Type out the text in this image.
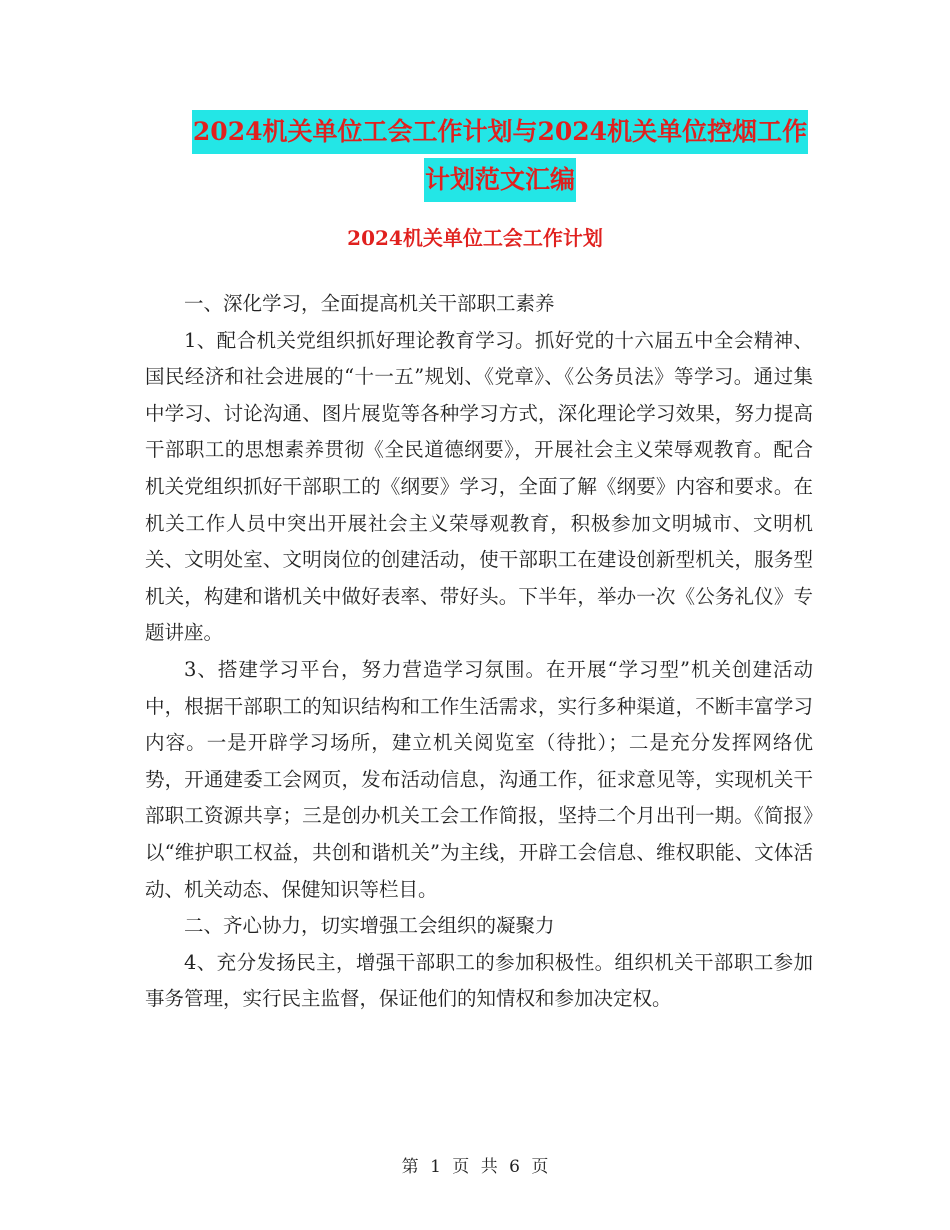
2024机关单位工会工作计划与2024机关单位控烟工作
计划范文汇编
2024机关单位工会工作计划

一、深化学习，全面提高机关干部职工素养

1、配合机关党组织抓好理论教育学习。抓好党的十六届五中全会精神、国民经济和社会进展的“十一五”规划、《党章》、《公务员法》等学习。通过集中学习、讨论沟通、图片展览等各种学习方式，深化理论学习效果，努力提高干部职工的思想素养贯彻《全民道德纲要》，开展社会主义荣辱观教育。配合机关党组织抓好干部职工的《纲要》学习，全面了解《纲要》内容和要求。在机关工作人员中突出开展社会主义荣辱观教育，积极参加文明城市、文明机关、文明处室、文明岗位的创建活动，使干部职工在建设创新型机关，服务型机关，构建和谐机关中做好表率、带好头。下半年，举办一次《公务礼仪》专题讲座。

3、搭建学习平台，努力营造学习氛围。在开展“学习型”机关创建活动中，根据干部职工的知识结构和工作生活需求，实行多种渠道，不断丰富学习内容。一是开辟学习场所，建立机关阅览室（待批）；二是充分发挥网络优势，开通建委工会网页，发布活动信息，沟通工作，征求意见等，实现机关干部职工资源共享；三是创办机关工会工作简报，坚持二个月出刊一期。《简报》以“维护职工权益，共创和谐机关”为主线，开辟工会信息、维权职能、文体活动、机关动态、保健知识等栏目。

二、齐心协力，切实增强工会组织的凝聚力

4、充分发扬民主，增强干部职工的参加积极性。组织机关干部职工参加事务管理，实行民主监督，保证他们的知情权和参加决定权。

第 1 页 共 6 页
